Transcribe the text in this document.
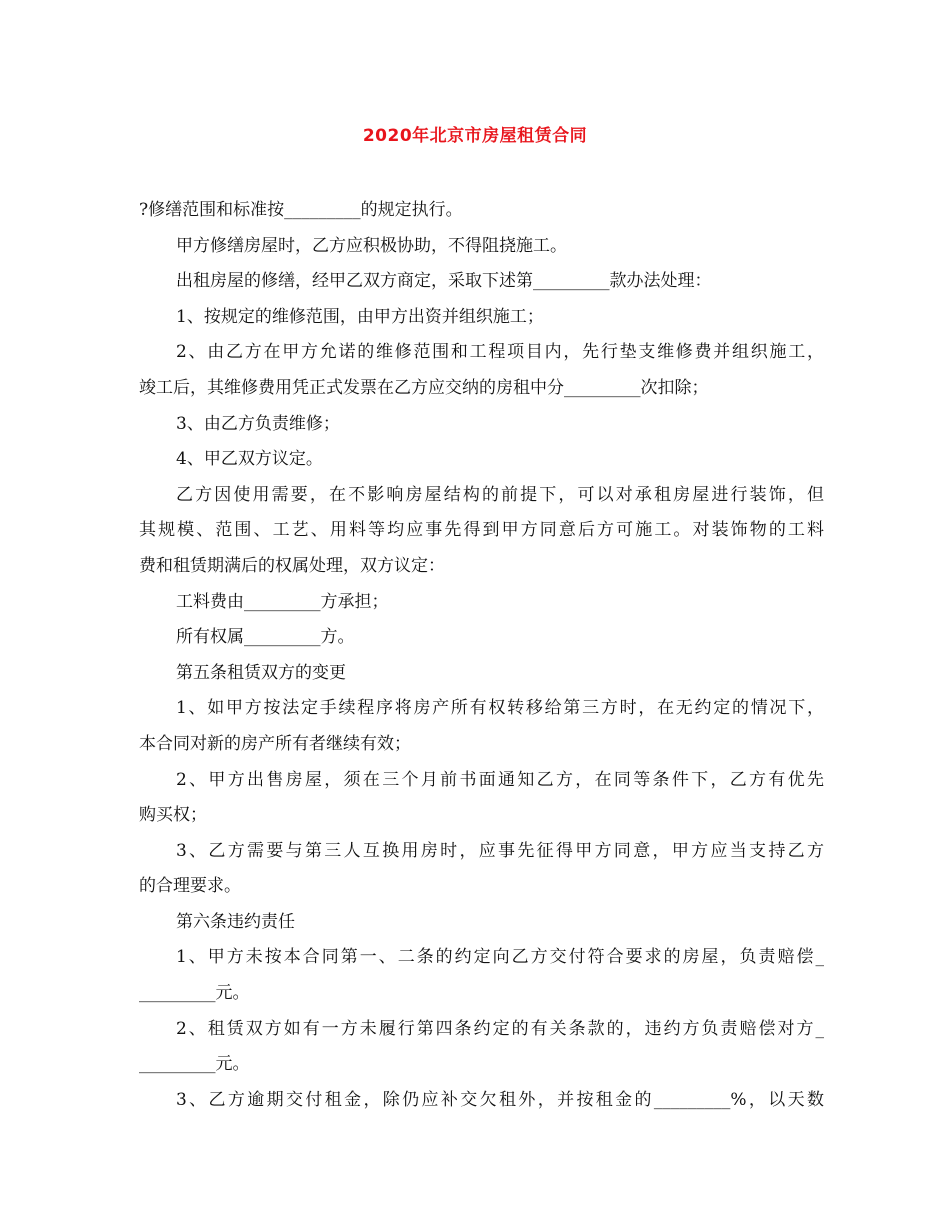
2020年北京市房屋租赁合同
?修缮范围和标准按_________的规定执行。
甲方修缮房屋时，乙方应积极协助，不得阻挠施工。
出租房屋的修缮，经甲乙双方商定，采取下述第_________款办法处理：
1、按规定的维修范围，由甲方出资并组织施工；
2、由乙方在甲方允诺的维修范围和工程项目内，先行垫支维修费并组织施工，
竣工后，其维修费用凭正式发票在乙方应交纳的房租中分_________次扣除；
3、由乙方负责维修；
4、甲乙双方议定。
乙方因使用需要，在不影响房屋结构的前提下，可以对承租房屋进行装饰，但
其规模、范围、工艺、用料等均应事先得到甲方同意后方可施工。对装饰物的工料
费和租赁期满后的权属处理，双方议定：
工料费由_________方承担；
所有权属_________方。
第五条租赁双方的变更
1、如甲方按法定手续程序将房产所有权转移给第三方时，在无约定的情况下，
本合同对新的房产所有者继续有效；
2、甲方出售房屋，须在三个月前书面通知乙方，在同等条件下，乙方有优先
购买权；
3、乙方需要与第三人互换用房时，应事先征得甲方同意，甲方应当支持乙方
的合理要求。
第六条违约责任
1、甲方未按本合同第一、二条的约定向乙方交付符合要求的房屋，负责赔偿_
_________元。
2、租赁双方如有一方未履行第四条约定的有关条款的，违约方负责赔偿对方_
_________元。
3、乙方逾期交付租金，除仍应补交欠租外，并按租金的_________%，以天数
